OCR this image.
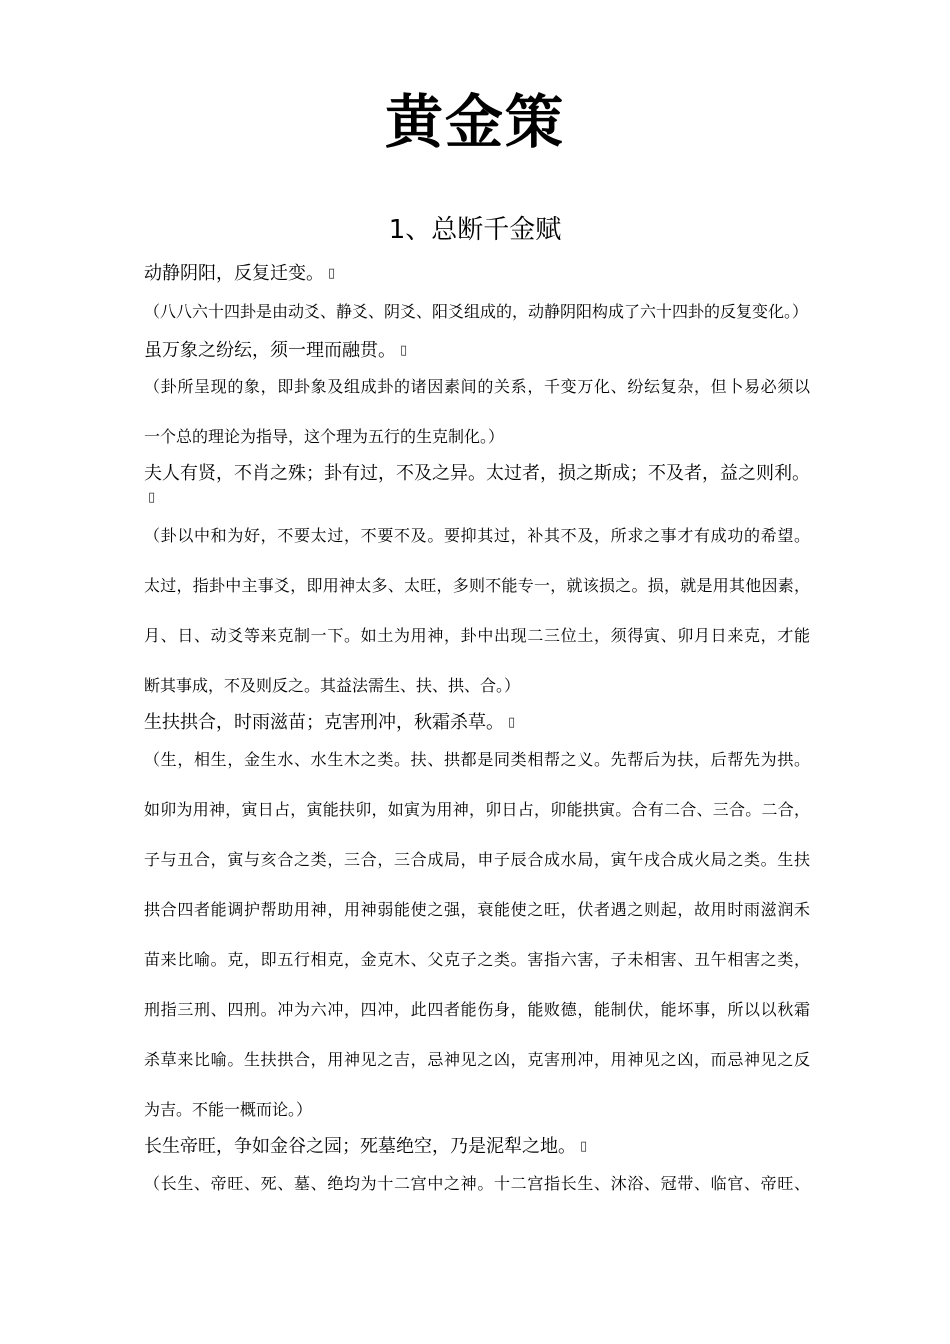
黄金策
1、总断千金赋
动静阴阳，反复迁变。 ▯
（八八六十四卦是由动爻、静爻、阴爻、阳爻组成的，动静阴阳构成了六十四卦的反复变化。）
虽万象之纷纭，须一理而融贯。 ▯
（卦所呈现的象，即卦象及组成卦的诸因素间的关系，千变万化、纷纭复杂，但卜易必须以
一个总的理论为指导，这个理为五行的生克制化。）
夫人有贤，不肖之殊；卦有过，不及之异。太过者，损之斯成；不及者，益之则利。▯
（卦以中和为好，不要太过，不要不及。要抑其过，补其不及，所求之事才有成功的希望。
太过，指卦中主事爻，即用神太多、太旺，多则不能专一，就该损之。损，就是用其他因素，
月、日、动爻等来克制一下。如土为用神，卦中出现二三位土，须得寅、卯月日来克，才能
断其事成，不及则反之。其益法需生、扶、拱、合。）
生扶拱合，时雨滋苗；克害刑冲，秋霜杀草。 ▯
（生，相生，金生水、水生木之类。扶、拱都是同类相帮之义。先帮后为扶，后帮先为拱。
如卯为用神，寅日占，寅能扶卯，如寅为用神，卯日占，卯能拱寅。合有二合、三合。二合，
子与丑合，寅与亥合之类，三合，三合成局，申子辰合成水局，寅午戌合成火局之类。生扶
拱合四者能调护帮助用神，用神弱能使之强，衰能使之旺，伏者遇之则起，故用时雨滋润禾
苗来比喻。克，即五行相克，金克木、父克子之类。害指六害，子未相害、丑午相害之类，
刑指三刑、四刑。冲为六冲，四冲，此四者能伤身，能败德，能制伏，能坏事，所以以秋霜
杀草来比喻。生扶拱合，用神见之吉，忌神见之凶，克害刑冲，用神见之凶，而忌神见之反
为吉。不能一概而论。）
长生帝旺，争如金谷之园；死墓绝空，乃是泥犁之地。 ▯
（长生、帝旺、死、墓、绝均为十二宫中之神。十二宫指长生、沐浴、冠带、临官、帝旺、
